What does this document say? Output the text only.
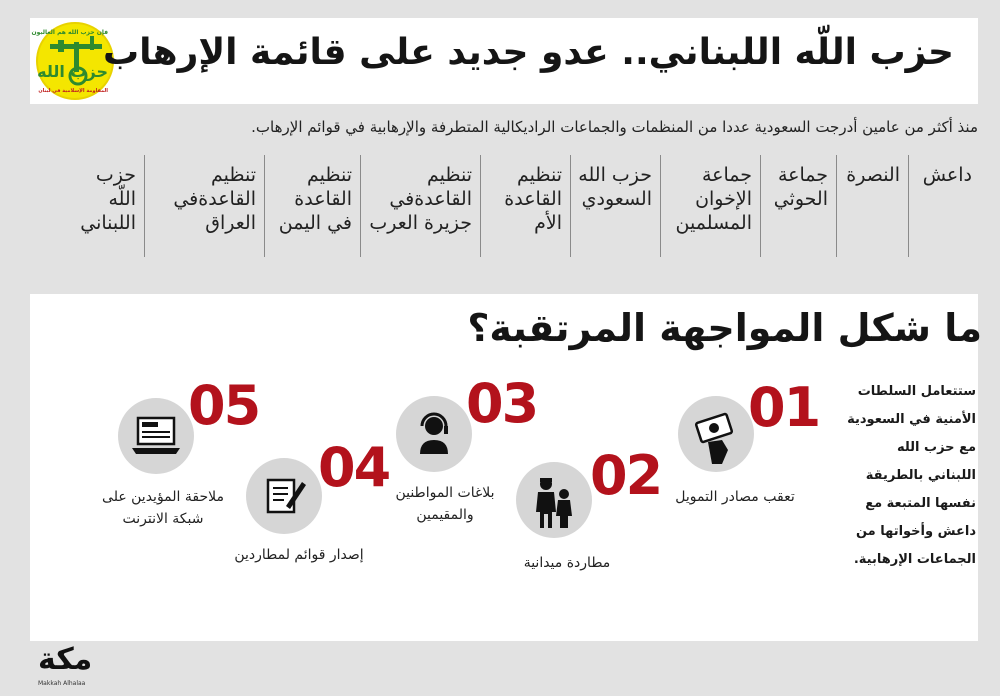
فإن حزب الله هم الغالبون
حزب الله
المقاومة الإسلامية في لبنان
حزب اللّه اللبناني.. عدو جديد على قائمة الإرهاب
منذ أكثر من عامين أدرجت السعودية عددا من المنظمات والجماعات الراديكالية المتطرفة والإرهابية في قوائم الإرهاب.
داعش
النصرة
جماعة الحوثي
جماعة الإخوان المسلمين
حزب الله السعودي
تنظيم القاعدة الأم
تنظيم القاعدةفي جزيرة العرب
تنظيم القاعدة في اليمن
تنظيم القاعدةفي العراق
حزب اللّه اللبناني
ما شكل المواجهة المرتقبة؟
ستتعامل السلطات الأمنية في السعودية مع حزب الله اللبناني بالطريقة نفسها المتبعة مع داعش وأخواتها من الجماعات الإرهابية.
01
تعقب مصادر التمويل
02
مطاردة ميدانية
03
بلاغات المواطنين والمقيمين
04
إصدار قوائم لمطاردين
05
ملاحقة المؤيدين على شبكة الانترنت
مكة
Makkah Alhalaa
